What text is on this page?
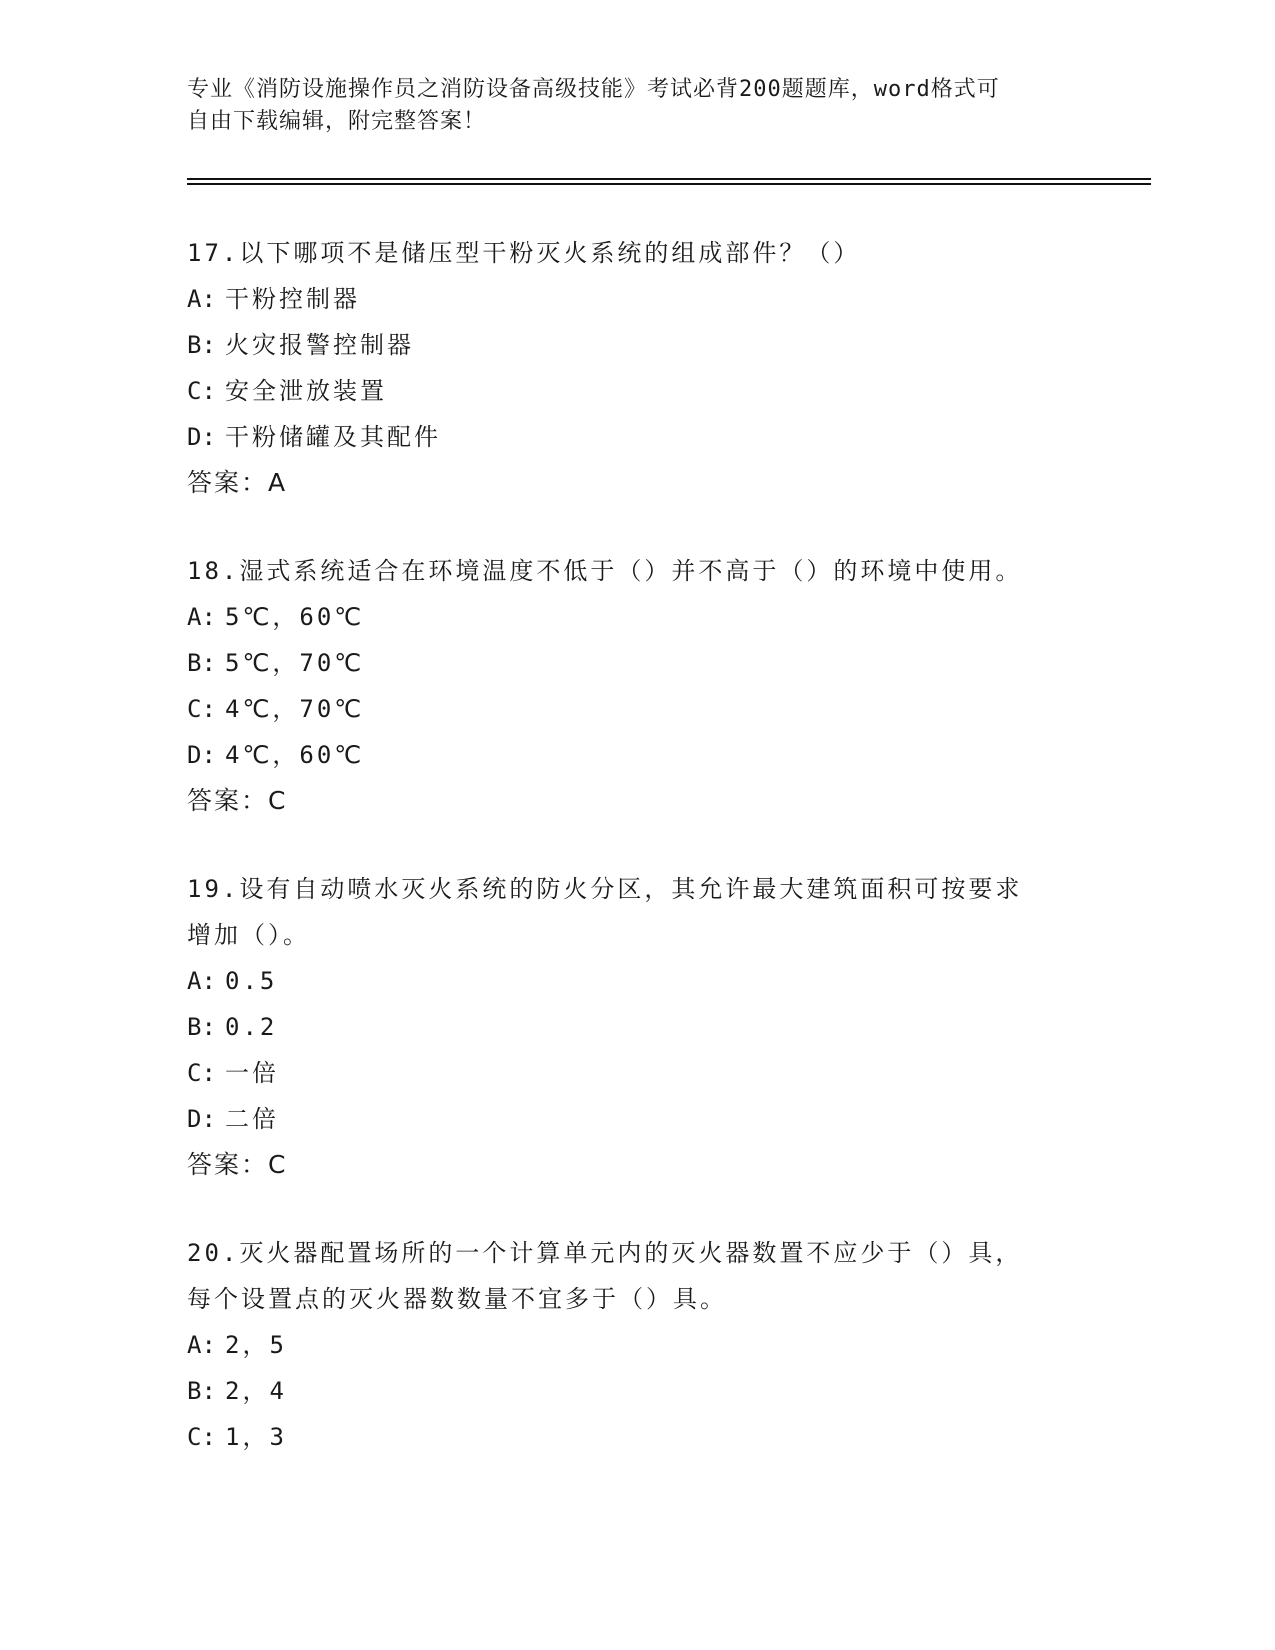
专业《消防设施操作员之消防设备高级技能》考试必背200题题库，word格式可
自由下载编辑，附完整答案！
17.以下哪项不是储压型干粉灭火系统的组成部件？（）
A: 干粉控制器
B: 火灾报警控制器
C: 安全泄放装置
D: 干粉储罐及其配件
答案：A
18.湿式系统适合在环境温度不低于（）并不高于（）的环境中使用。
A: 5℃，60℃
B: 5℃，70℃
C: 4℃，70℃
D: 4℃，60℃
答案：C
19.设有自动喷水灭火系统的防火分区，其允许最大建筑面积可按要求
增加（）。
A: 0.5
B: 0.2
C: 一倍
D: 二倍
答案：C
20.灭火器配置场所的一个计算单元内的灭火器数置不应少于（）具，
每个设置点的灭火器数数量不宜多于（）具。
A: 2，5
B: 2，4
C: 1，3
